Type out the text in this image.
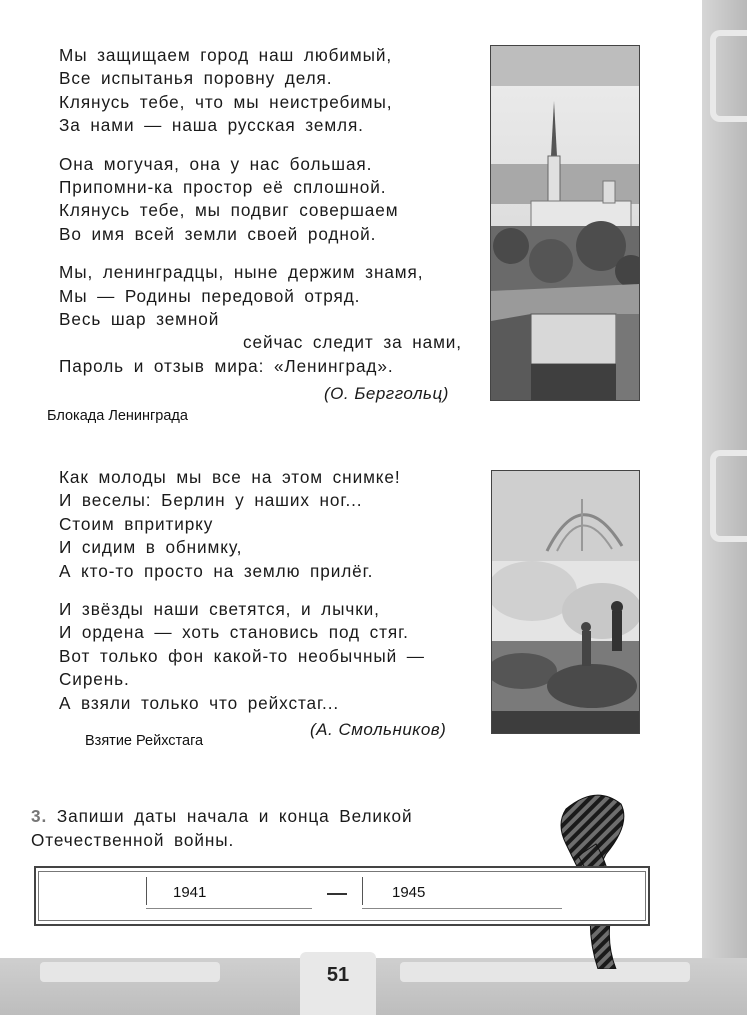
51
Мы защищаем город наш любимый,
Все испытанья поровну деля.
Клянусь тебе, что мы неистребимы,
За нами — наша русская земля.
Она могучая, она у нас большая.
Припомни-ка простор её сплошной.
Клянусь тебе, мы подвиг совершаем
Во имя всей земли своей родной.
Мы, ленинградцы, ныне держим знамя,
Мы — Родины передовой отряд.
Весь шар земной
сейчас следит за нами,
Пароль и отзыв мира: «Ленинград».
(О. Берггольц)
Блокада Ленинграда
Как молоды мы все на этом снимке!
И веселы: Берлин у наших ног...
Стоим впритирку
И сидим в обнимку,
А кто-то просто на землю прилёг.
И звёзды наши светятся, и лычки,
И ордена — хоть становись под стяг.
Вот только фон какой-то необычный —
Сирень.
А взяли только что рейхстаг...
(А. Смольников)
Взятие Рейхстага
3. Запиши даты начала и конца Великой Отечественной войны.
1941	1945
